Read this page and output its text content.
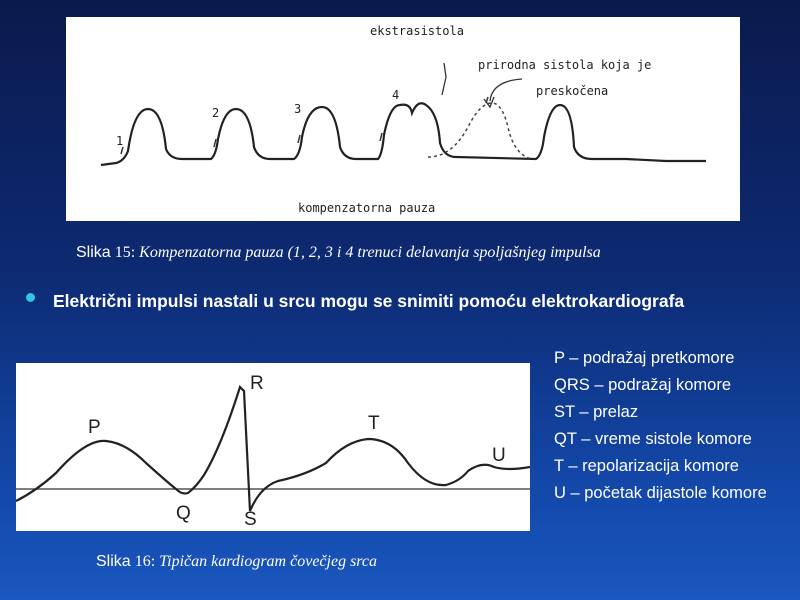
ekstrasistola
prirodna sistola koja je
preskočena
kompenzatorna pauza
1
2	3
4
Slika 15: Kompenzatorna pauza (1, 2, 3 i 4 trenuci delavanja spoljašnjeg impulsa
Električni impulsi nastali u srcu mogu se snimiti pomoću elektrokardiografa
P
Q
R
S
T
U
Slika 16: Tipičan kardiogram čovečjeg srca
P – podražaj pretkomore
QRS – podražaj komore
ST – prelaz
QT – vreme sistole komore
T – repolarizacija komore
U – početak dijastole komore
